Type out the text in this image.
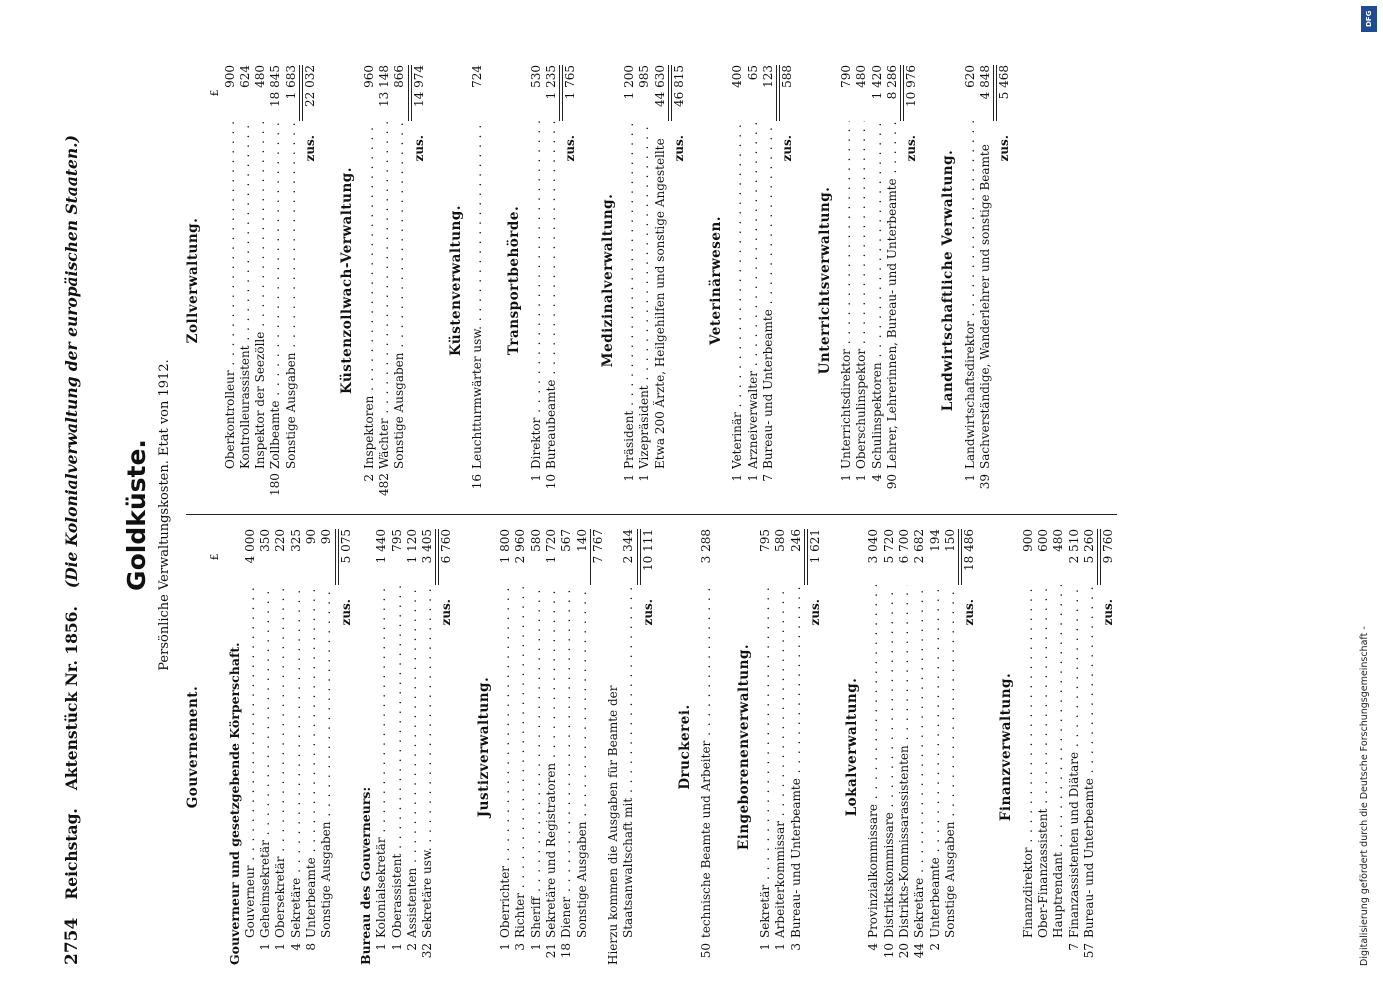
2754
Reichstag.
Aktenstück Nr. 1856.
(Die Kolonialverwaltung der europäischen Staaten.) Goldküste. Persönliche Verwaltungskosten. Etat von 1912.
Gouvernement.
£
Gouverneur und gesetzgebende Körperschaft. Gouverneur . . .
4 000
1
Geheimsekretär . . .
350
1
Obersekretär . . .
220
4
Sekretäre . . .
325
8
Unterbeamte . . .
90
Sonstige Ausgaben . . .
90
zus.
5 075
Bureau des Gouverneurs: 1
Kolonialsekretär . . .
1 440
1
Oberassistent . . .
795
2
Assistenten . . .
1 120
32
Sekretäre usw. . . .
3 405
zus.
6 760
Justizverwaltung.
1
Oberrichter . . .
1 800
3
Richter . . .
2 960
1
Sheriff . . .
580
21
Sekretäre und Registratoren . . .
1 720
18
Diener . . .
567
Sonstige Ausgaben . . .
140 7 767
Hierzu kommen die Ausgaben für Beamte der Staatsanwaltschaft mit . . .
2 344
zus.
10 111
Druckerei.
50
technische Beamte und Arbeiter . . .
3 288
Eingeborenenverwaltung.
1
Sekretär . . .
795
1
Arbeiterkommissar . . .
580
3
Bureau- und Unterbeamte . . .
246
zus.
1 621
Lokalverwaltung.
4
Provinzialkommissare . . .
3 040
10
Distriktskommissare . . .
5 720
20
Distrikts-Kommissarassistenten . . .
6 700
44
Sekretäre . . .
2 682
2
Unterbeamte . . .
194
Sonstige Ausgaben . . .
150
zus.
18 486
Finanzverwaltung.
Finanzdirektor . . .
900
Ober-Finanzassistent . . .
600
Hauptrendant . . .
480
7
Finanzassistenten und Diätare . . .
2 510
57
Bureau- und Unterbeamte . . .
5 260
zus.
9 760
Zollverwaltung.
£
Oberkontrolleur . . .
900
Kontrolleurassistent . . .
624
Inspektor der Seezölle . . .
480
180
Zollbeamte . . .
18 845
Sonstige Ausgaben . . .
1 683
zus.
22 032
Küstenzollwach-Verwaltung.
2
Inspektoren . . .
960
482
Wächter . . .
13 148
Sonstige Ausgaben . . .
866
zus.
14 974
Küstenverwaltung.
16
Leuchtturmwärter usw. . . .
724
Transportbehörde.
1
Direktor . . .
530
10
Bureaubeamte . . .
1 235
zus.
1 765
Medizinalverwaltung.
1
Präsident . . .
1 200
1
Vizepräsident . . .
985
Etwa 200 Ärzte, Heilgehilfen und sonstige Angestellte
44 630
zus.
46 815
Veterinärwesen.
1
Veterinär . . .
400
1
Arzneiverwalter . . .
65
7
Bureau- und Unterbeamte . . .
123
zus.
588
Unterrichtsverwaltung.
1
Unterrichtsdirektor . . .
790
1
Oberschulinspektor . . .
480
4
Schulinspektoren . . .
1 420
90
Lehrer, Lehrerinnen, Bureau- und Unterbeamte . . .
8 286
zus.
10 976
Landwirtschaftliche Verwaltung.
1
Landwirtschaftsdirektor . . .
620
39
Sachverständige, Wanderlehrer und sonstige Beamte
4 848
zus.
5 468
DFG
Digitalisierung gefördert durch die Deutsche Forschungsgemeinschaft -
